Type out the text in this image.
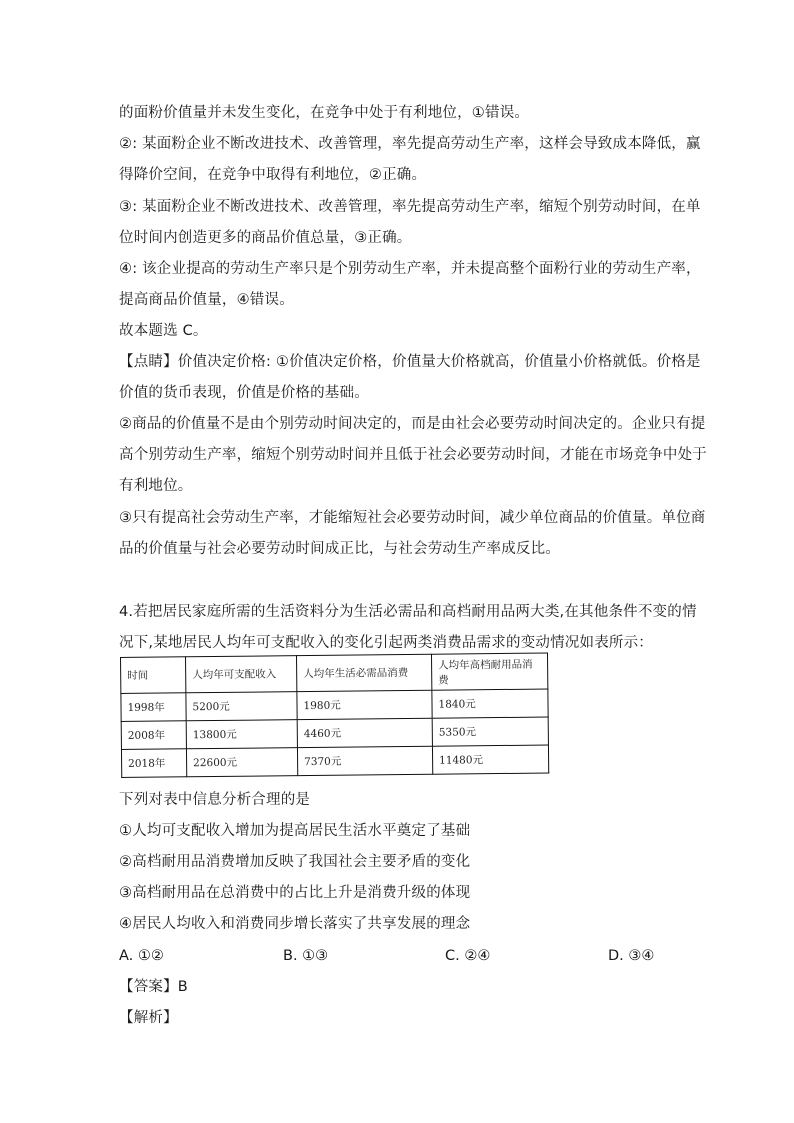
的面粉价值量并未发生变化，在竞争中处于有利地位，①错误。
②: 某面粉企业不断改进技术、改善管理，率先提高劳动生产率，这样会导致成本降低，赢
得降价空间，在竞争中取得有利地位，②正确。
③: 某面粉企业不断改进技术、改善管理，率先提高劳动生产率，缩短个别劳动时间，在单
位时间内创造更多的商品价值总量，③正确。
④: 该企业提高的劳动生产率只是个别劳动生产率，并未提高整个面粉行业的劳动生产率，
提高商品价值量，④错误。
故本题选 C。
【点睛】价值决定价格: ①价值决定价格，价值量大价格就高，价值量小价格就低。价格是
价值的货币表现，价值是价格的基础。
②商品的价值量不是由个别劳动时间决定的，而是由社会必要劳动时间决定的。企业只有提
高个别劳动生产率，缩短个别劳动时间并且低于社会必要劳动时间，才能在市场竞争中处于
有利地位。
③只有提高社会劳动生产率，才能缩短社会必要劳动时间，减少单位商品的价值量。单位商
品的价值量与社会必要劳动时间成正比，与社会劳动生产率成反比。
4.若把居民家庭所需的生活资料分为生活必需品和高档耐用品两大类,在其他条件不变的情
况下,某地居民人均年可支配收入的变化引起两类消费品需求的变动情况如表所示：
时间	人均年可支配收入	人均年生活必需品消费	人均年高档耐用品消费
1998年	5200元	1980元	1840元
2008年	13800元	4460元	5350元
2018年	22600元	7370元	11480元
下列对表中信息分析合理的是
①人均可支配收入增加为提高居民生活水平奠定了基础
②高档耐用品消费增加反映了我国社会主要矛盾的变化
③高档耐用品在总消费中的占比上升是消费升级的体现
④居民人均收入和消费同步增长落实了共享发展的理念
A. ①②	B. ①③	C. ②④	D. ③④
【答案】B
【解析】
